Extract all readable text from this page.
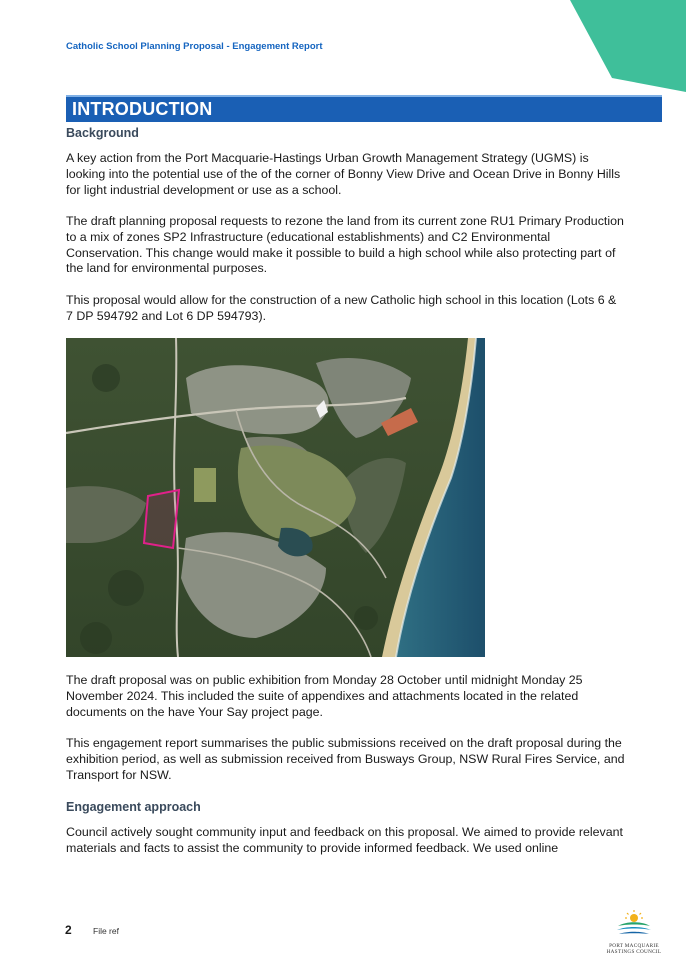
Catholic School Planning Proposal - Engagement Report
INTRODUCTION
Background

A key action from the Port Macquarie-Hastings Urban Growth Management Strategy (UGMS) is looking into the potential use of the of the corner of Bonny View Drive and Ocean Drive in Bonny Hills for light industrial development or use as a school.

The draft planning proposal requests to rezone the land from its current zone RU1 Primary Production to a mix of zones SP2 Infrastructure (educational establishments) and C2 Environmental Conservation. This change would make it possible to build a high school while also protecting part of the land for environmental purposes.

This proposal would allow for the construction of a new Catholic high school in this location (Lots 6 & 7 DP 594792 and Lot 6 DP 594793).

The draft proposal was on public exhibition from Monday 28 October until midnight Monday 25 November 2024. This included the suite of appendixes and attachments located in the related documents on the have Your Say project page.

This engagement report summarises the public submissions received on the draft proposal during the exhibition period, as well as submission received from Busways Group, NSW Rural Fires Service, and Transport for NSW.

Engagement approach

Council actively sought community input and feedback on this proposal. We aimed to provide relevant materials and facts to assist the community to provide informed feedback. We used online

2	File ref
PORT MACQUARIE
HASTINGS COUNCIL
